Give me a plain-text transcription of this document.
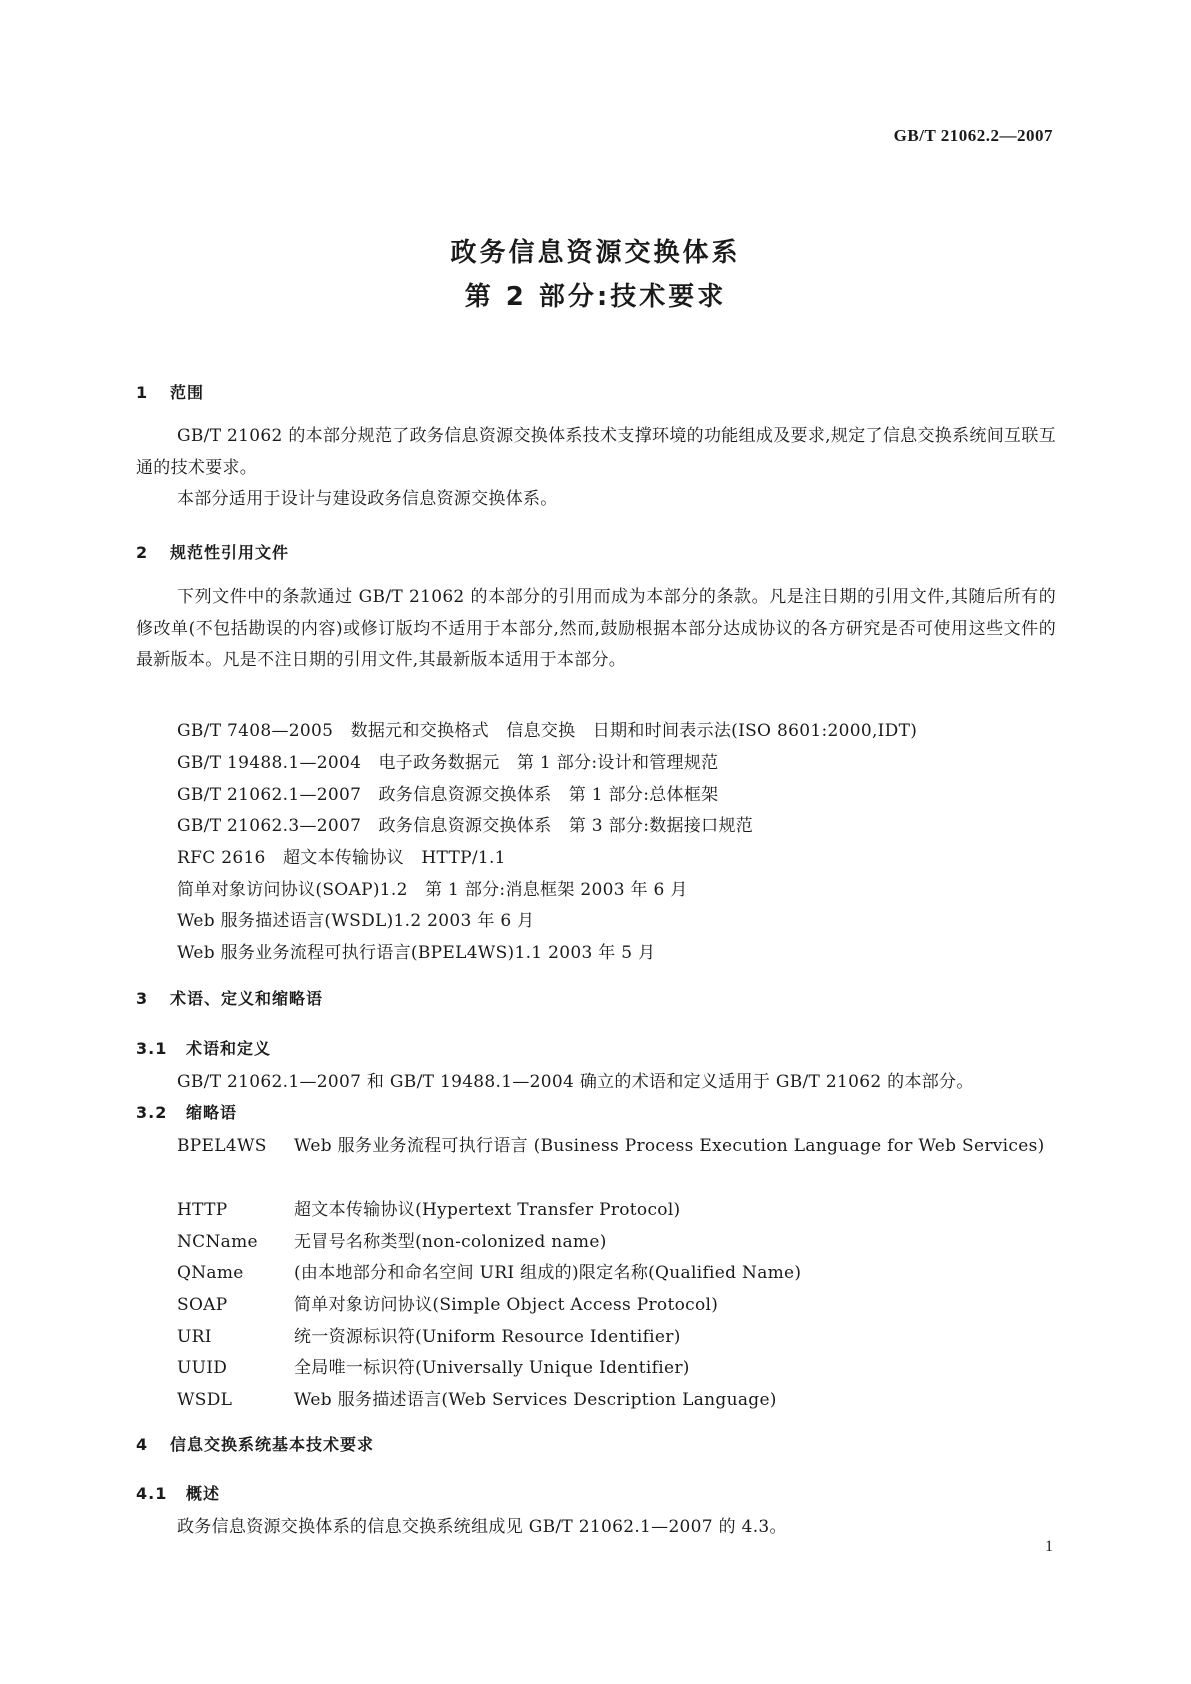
GB/T 21062.2—2007
政务信息资源交换体系
第 2 部分:技术要求
1 范围
GB/T 21062 的本部分规范了政务信息资源交换体系技术支撑环境的功能组成及要求,规定了信息交换系统间互联互通的技术要求。
本部分适用于设计与建设政务信息资源交换体系。
2 规范性引用文件
下列文件中的条款通过 GB/T 21062 的本部分的引用而成为本部分的条款。凡是注日期的引用文件,其随后所有的修改单(不包括勘误的内容)或修订版均不适用于本部分,然而,鼓励根据本部分达成协议的各方研究是否可使用这些文件的最新版本。凡是不注日期的引用文件,其最新版本适用于本部分。
GB/T 7408—2005　数据元和交换格式　信息交换　日期和时间表示法(ISO 8601:2000,IDT)
GB/T 19488.1—2004　电子政务数据元　第 1 部分:设计和管理规范
GB/T 21062.1—2007　政务信息资源交换体系　第 1 部分:总体框架
GB/T 21062.3—2007　政务信息资源交换体系　第 3 部分:数据接口规范
RFC 2616　超文本传输协议　HTTP/1.1
简单对象访问协议(SOAP)1.2　第 1 部分:消息框架 2003 年 6 月
Web 服务描述语言(WSDL)1.2 2003 年 6 月
Web 服务业务流程可执行语言(BPEL4WS)1.1 2003 年 5 月
3 术语、定义和缩略语
3.1 术语和定义
GB/T 21062.1—2007 和 GB/T 19488.1—2004 确立的术语和定义适用于 GB/T 21062 的本部分。
3.2 缩略语
BPEL4WS Web 服务业务流程可执行语言 (Business Process Execution Language for Web Services)
HTTP	超文本传输协议(Hypertext Transfer Protocol)
NCName 无冒号名称类型(non-colonized name)
QName	(由本地部分和命名空间 URI 组成的)限定名称(Qualified Name)
SOAP	简单对象访问协议(Simple Object Access Protocol)
URI	统一资源标识符(Uniform Resource Identifier)
UUID	全局唯一标识符(Universally Unique Identifier)
WSDL	Web 服务描述语言(Web Services Description Language)
4 信息交换系统基本技术要求
4.1 概述
政务信息资源交换体系的信息交换系统组成见 GB/T 21062.1—2007 的 4.3。
1
